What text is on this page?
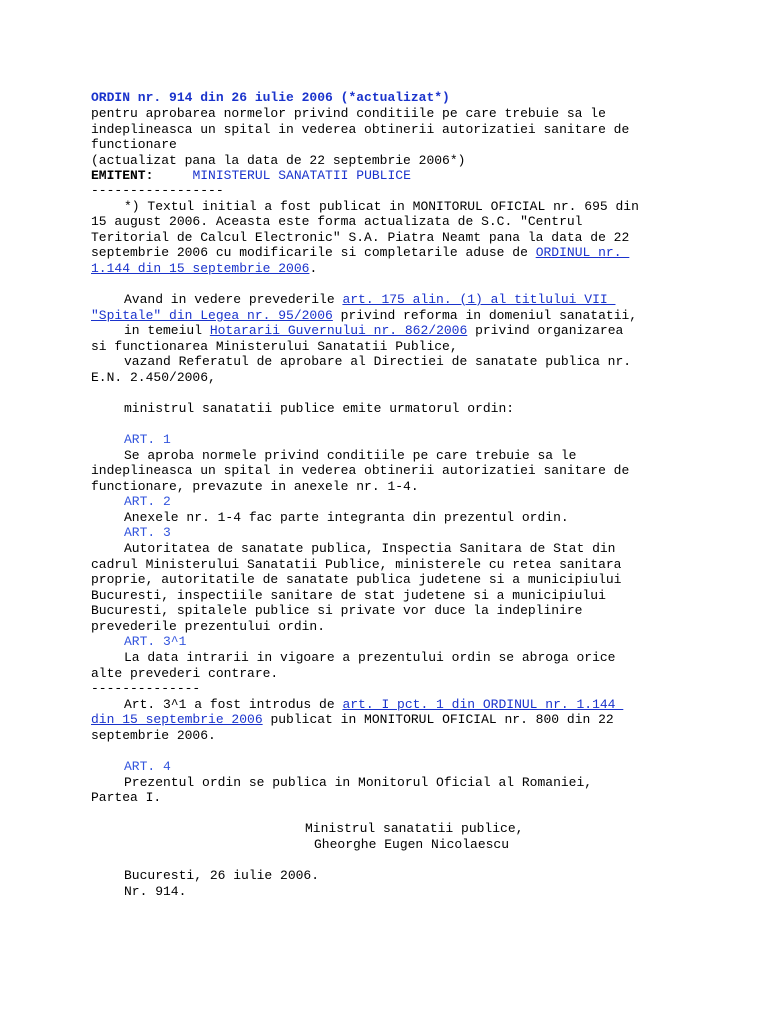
ORDIN nr. 914 din 26 iulie 2006 (*actualizat*)
pentru aprobarea normelor privind conditiile pe care trebuie sa le
indeplineasca un spital in vederea obtinerii autorizatiei sanitare de
functionare
(actualizat pana la data de 22 septembrie 2006*)
EMITENT:	MINISTERUL SANATATII PUBLICE
-----------------
*) Textul initial a fost publicat in MONITORUL OFICIAL nr. 695 din
15 august 2006. Aceasta este forma actualizata de S.C. "Centrul
Teritorial de Calcul Electronic" S.A. Piatra Neamt pana la data de 22
septembrie 2006 cu modificarile si completarile aduse de ORDINUL nr.
1.144 din 15 septembrie 2006.
Avand in vedere prevederile art. 175 alin. (1) al titlului VII
"Spitale" din Legea nr. 95/2006 privind reforma in domeniul sanatatii,
in temeiul Hotararii Guvernului nr. 862/2006 privind organizarea
si functionarea Ministerului Sanatatii Publice,
vazand Referatul de aprobare al Directiei de sanatate publica nr.
E.N. 2.450/2006,
ministrul sanatatii publice emite urmatorul ordin:
ART. 1
Se aproba normele privind conditiile pe care trebuie sa le
indeplineasca un spital in vederea obtinerii autorizatiei sanitare de
functionare, prevazute in anexele nr. 1-4.
ART. 2
Anexele nr. 1-4 fac parte integranta din prezentul ordin.
ART. 3
Autoritatea de sanatate publica, Inspectia Sanitara de Stat din
cadrul Ministerului Sanatatii Publice, ministerele cu retea sanitara
proprie, autoritatile de sanatate publica judetene si a municipiului
Bucuresti, inspectiile sanitare de stat judetene si a municipiului
Bucuresti, spitalele publice si private vor duce la indeplinire
prevederile prezentului ordin.
ART. 3^1
La data intrarii in vigoare a prezentului ordin se abroga orice
alte prevederi contrare.
--------------
Art. 3^1 a fost introdus de art. I pct. 1 din ORDINUL nr. 1.144
din 15 septembrie 2006 publicat in MONITORUL OFICIAL nr. 800 din 22
septembrie 2006.
ART. 4
Prezentul ordin se publica in Monitorul Oficial al Romaniei,
Partea I.
Ministrul sanatatii publice,
Gheorghe Eugen Nicolaescu
Bucuresti, 26 iulie 2006.
Nr. 914.
